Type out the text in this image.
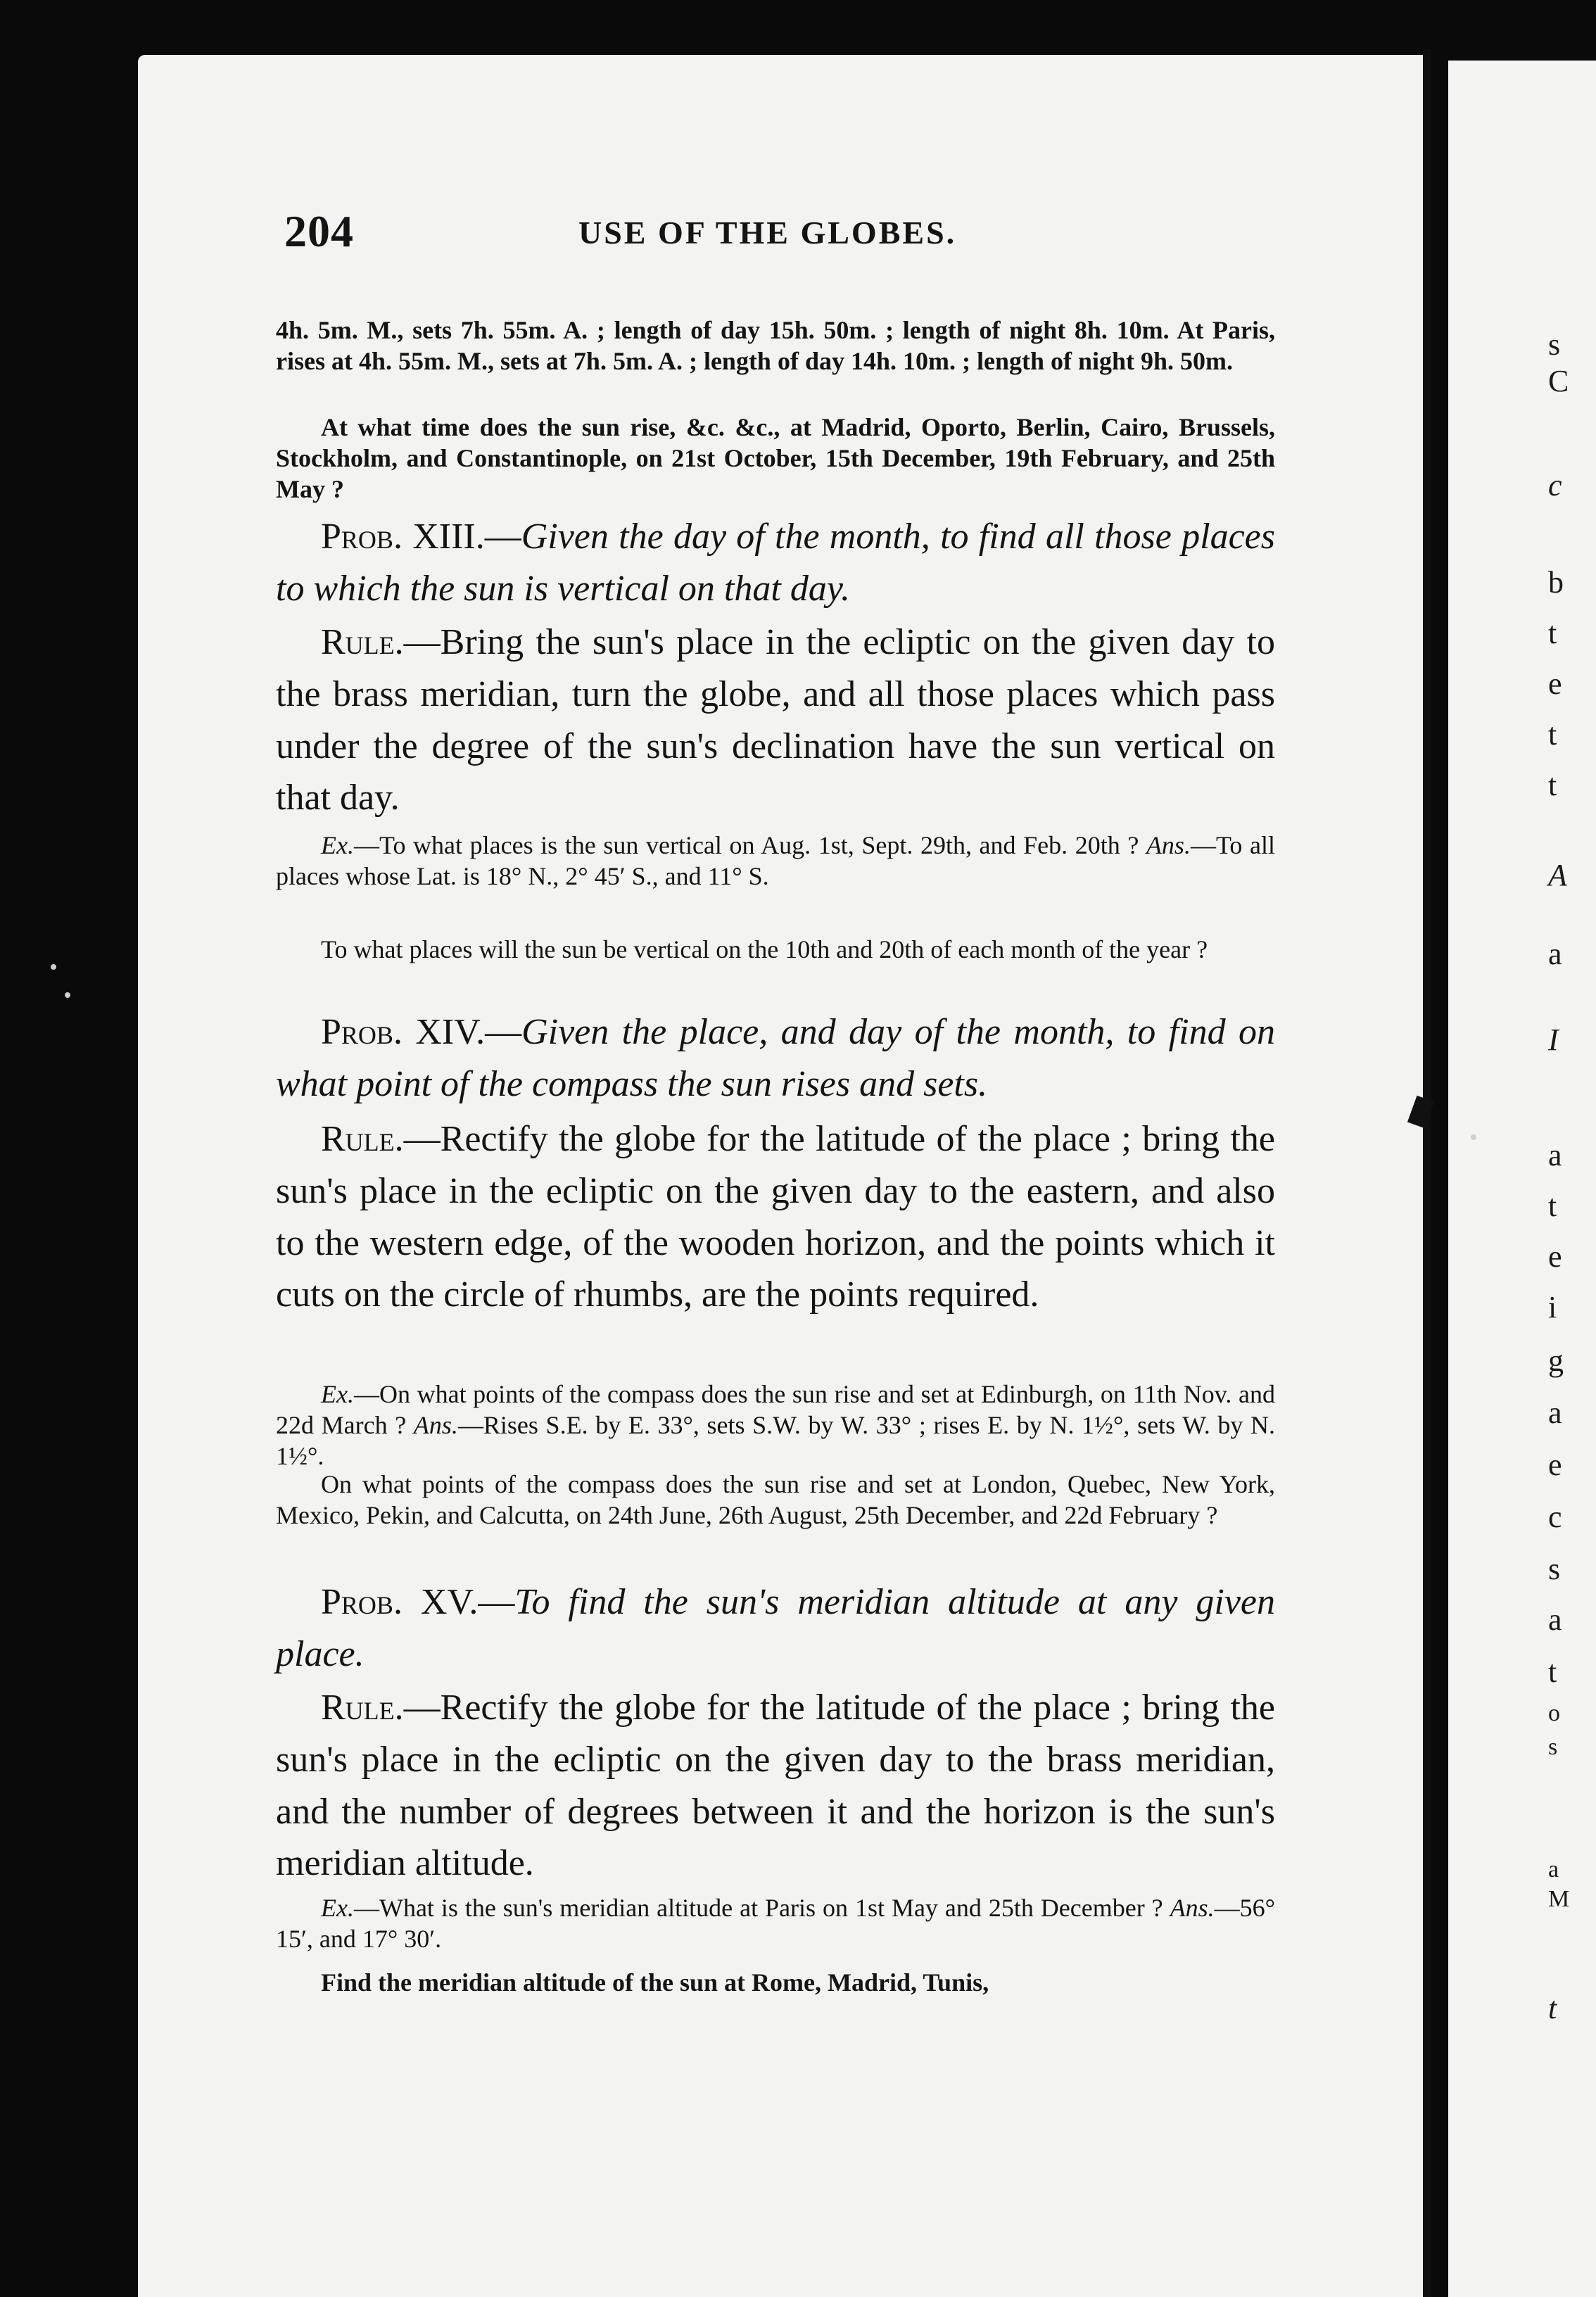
s
C
c
b
t
e
t
t
A
a
I
a
t
e
i
g
a
e
c
s
a
t
o
s
a
M
t
204	USE OF THE GLOBES.

4h. 5m. M., sets 7h. 55m. A. ; length of day 15h. 50m. ; length of night 8h. 10m. At Paris, rises at 4h. 55m. M., sets at 7h. 5m. A. ; length of day 14h. 10m. ; length of night 9h. 50m.

At what time does the sun rise, &c. &c., at Madrid, Oporto, Berlin, Cairo, Brussels, Stockholm, and Constantinople, on 21st October, 15th December, 19th February, and 25th May ?

Prob. XIII.—Given the day of the month, to find all those places to which the sun is vertical on that day.

Rule.—Bring the sun's place in the ecliptic on the given day to the brass meridian, turn the globe, and all those places which pass under the degree of the sun's declination have the sun vertical on that day.

Ex.—To what places is the sun vertical on Aug. 1st, Sept. 29th, and Feb. 20th ? Ans.—To all places whose Lat. is 18° N., 2° 45′ S., and 11° S.

To what places will the sun be vertical on the 10th and 20th of each month of the year ?

Prob. XIV.—Given the place, and day of the month, to find on what point of the compass the sun rises and sets.

Rule.—Rectify the globe for the latitude of the place ; bring the sun's place in the ecliptic on the given day to the eastern, and also to the western edge, of the wooden horizon, and the points which it cuts on the circle of rhumbs, are the points required.

Ex.—On what points of the compass does the sun rise and set at Edinburgh, on 11th Nov. and 22d March ? Ans.—Rises S.E. by E. 33°, sets S.W. by W. 33° ; rises E. by N. 1½°, sets W. by N. 1½°.

On what points of the compass does the sun rise and set at London, Quebec, New York, Mexico, Pekin, and Calcutta, on 24th June, 26th August, 25th December, and 22d February ?

Prob. XV.—To find the sun's meridian altitude at any given place.

Rule.—Rectify the globe for the latitude of the place ; bring the sun's place in the ecliptic on the given day to the brass meridian, and the number of degrees between it and the horizon is the sun's meridian altitude.

Ex.—What is the sun's meridian altitude at Paris on 1st May and 25th December ? Ans.—56° 15′, and 17° 30′.

Find the meridian altitude of the sun at Rome, Madrid, Tunis,
